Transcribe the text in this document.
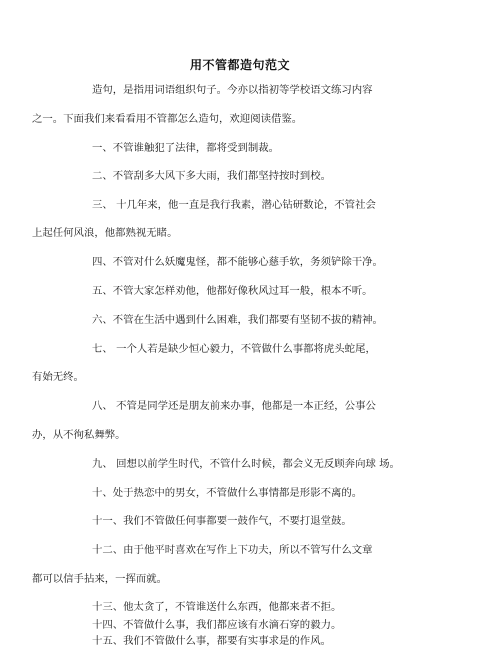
用不管都造句范文
造句，是指用词语组织句子。今亦以指初等学校语文练习内容
之一。下面我们来看看用不管都怎么造句，欢迎阅读借鉴。
一、不管谁触犯了法律，都将受到制裁。
二、不管刮多大风下多大雨，我们都坚持按时到校。
三、 十几年来，他一直是我行我素，潜心钻研数论，不管社会
上起任何风浪，他都熟视无睹。
四、不管对什么妖魔鬼怪，都不能够心慈手软，务须铲除干净。
五、不管大家怎样劝他，他都好像秋风过耳一般，根本不听。
六、不管在生活中遇到什么困难，我们都要有坚韧不拔的精神。
七、 一个人若是缺少恒心毅力，不管做什么事都将虎头蛇尾，
有始无终。
八、 不管是同学还是朋友前来办事，他都是一本正经，公事公
办，从不徇私舞弊。
九、 回想以前学生时代，不管什么时候，都会义无反顾奔向球 场。
十、处于热恋中的男女，不管做什么事情都是形影不离的。
十一、我们不管做任何事都要一鼓作气，不要打退堂鼓。
十二、由于他平时喜欢在写作上下功夫，所以不管写什么文章
都可以信手拈来，一挥而就。
十三、他太贪了，不管谁送什么东西，他都来者不拒。
十四、不管做什么事，我们都应该有水滴石穿的毅力。
十五、我们不管做什么事，都要有实事求是的作风。
